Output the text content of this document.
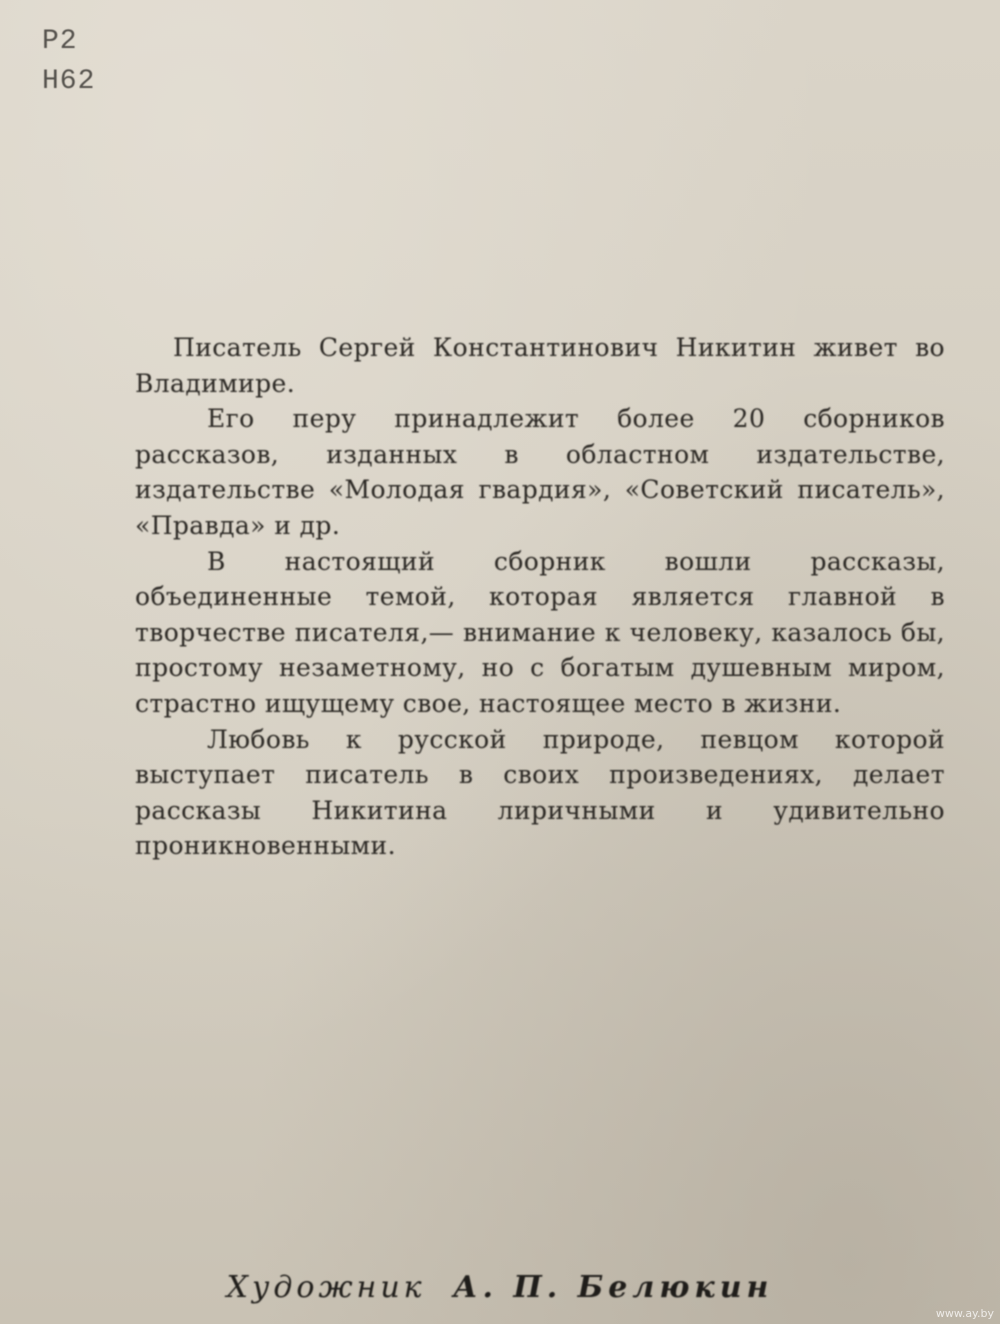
Р2
Н62

Писатель Сергей Константинович Никитин живет во Владимире.

Его перу принадлежит более 20 сборников рассказов, изданных в областном издательстве, издательстве «Молодая гвардия», «Советский писатель», «Правда» и др.

В настоящий сборник вошли рассказы, объединенные темой, которая является главной в творчестве писателя,— внимание к человеку, казалось бы, простому незаметному, но с богатым душевным миром, страстно ищущему свое, настоящее место в жизни.

Любовь к русской природе, певцом которой выступает писатель в своих произведениях, делает рассказы Никитина лиричными и удивительно проникновенными.

Художник А. П. Белюкин
www.ay.by
